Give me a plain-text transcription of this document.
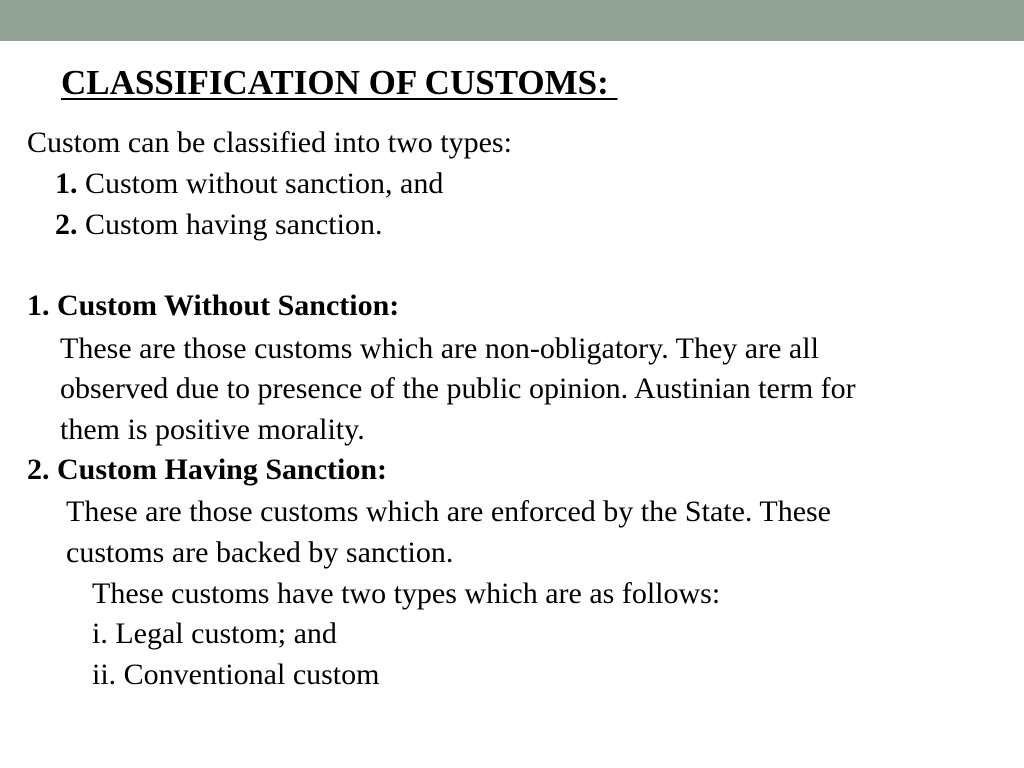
CLASSIFICATION OF CUSTOMS:
Custom can be classified into two types:
1. Custom without sanction, and
2. Custom having sanction.
1. Custom Without Sanction:
These are those customs which are non-obligatory. They are all
observed due to presence of the public opinion. Austinian term for
them is positive morality.
2. Custom Having Sanction:
These are those customs which are enforced by the State. These
customs are backed by sanction.
These customs have two types which are as follows:
i. Legal custom; and
ii. Conventional custom
